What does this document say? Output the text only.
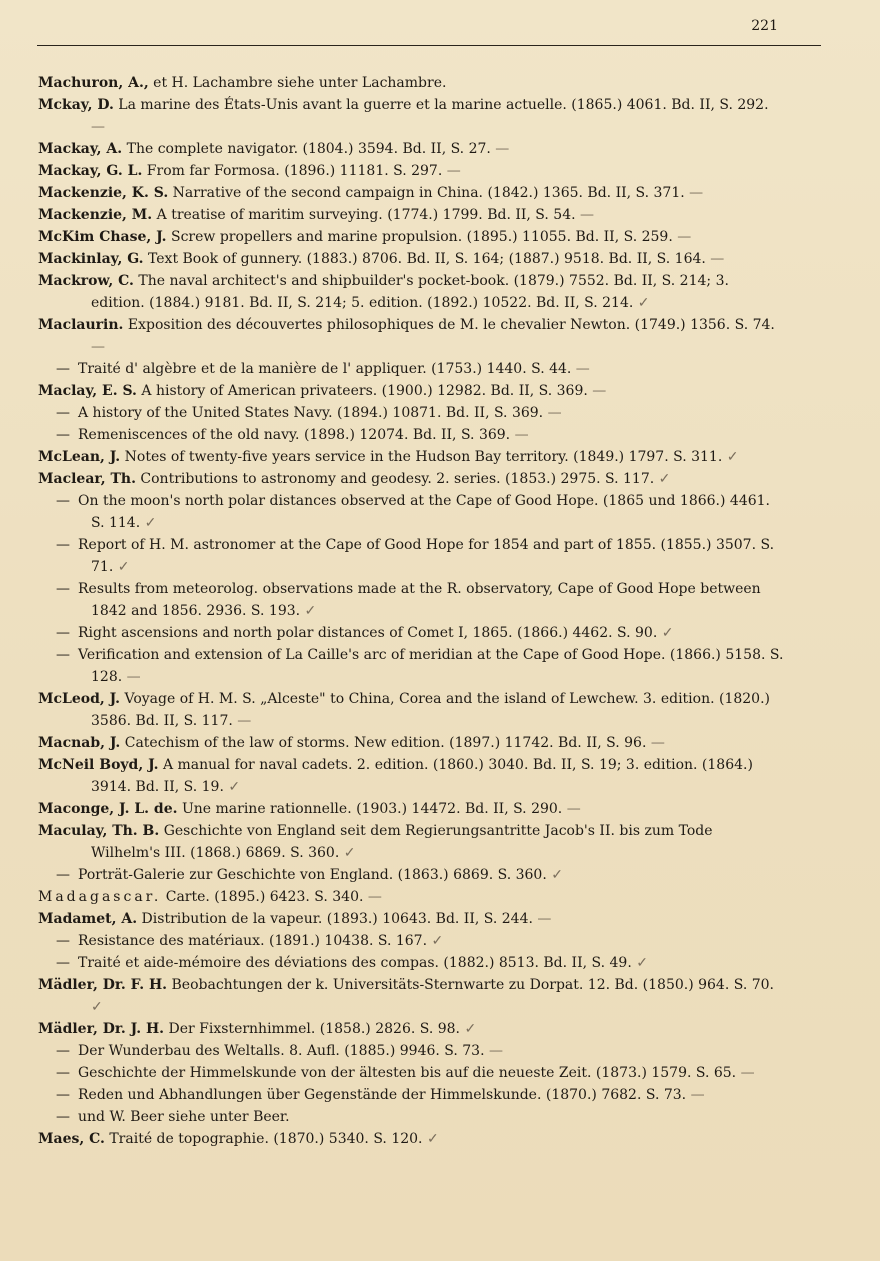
221

Machuron, A., et H. Lachambre siehe unter Lachambre.

Mckay, D. La marine des États-Unis avant la guerre et la marine actuelle. (1865.) 4061. Bd. II, S. 292. —

Mackay, A. The complete navigator. (1804.) 3594. Bd. II, S. 27. —

Mackay, G. L. From far Formosa. (1896.) 11181. S. 297. —

Mackenzie, K. S. Narrative of the second campaign in China. (1842.) 1365. Bd. II, S. 371. —

Mackenzie, M. A treatise of maritim surveying. (1774.) 1799. Bd. II, S. 54. —

McKim Chase, J. Screw propellers and marine propulsion. (1895.) 11055. Bd. II, S. 259. —

Mackinlay, G. Text Book of gunnery. (1883.) 8706. Bd. II, S. 164; (1887.) 9518. Bd. II, S. 164. —

Mackrow, C. The naval architect's and shipbuilder's pocket-book. (1879.) 7552. Bd. II, S. 214; 3. edition. (1884.) 9181. Bd. II, S. 214; 5. edition. (1892.) 10522. Bd. II, S. 214. ✓

Maclaurin. Exposition des découvertes philosophiques de M. le chevalier Newton. (1749.) 1356. S. 74. —

— Traité d' algèbre et de la manière de l' appliquer. (1753.) 1440. S. 44. —

Maclay, E. S. A history of American privateers. (1900.) 12982. Bd. II, S. 369. —

— A history of the United States Navy. (1894.) 10871. Bd. II, S. 369. —

— Remeniscences of the old navy. (1898.) 12074. Bd. II, S. 369. —

McLean, J. Notes of twenty-five years service in the Hudson Bay territory. (1849.) 1797. S. 311. ✓

Maclear, Th. Contributions to astronomy and geodesy. 2. series. (1853.) 2975. S. 117. ✓

— On the moon's north polar distances observed at the Cape of Good Hope. (1865 und 1866.) 4461. S. 114. ✓

— Report of H. M. astronomer at the Cape of Good Hope for 1854 and part of 1855. (1855.) 3507. S. 71. ✓

— Results from meteorolog. observations made at the R. observatory, Cape of Good Hope between 1842 and 1856. 2936. S. 193. ✓

— Right ascensions and north polar distances of Comet I, 1865. (1866.) 4462. S. 90. ✓

— Verification and extension of La Caille's arc of meridian at the Cape of Good Hope. (1866.) 5158. S. 128. —

McLeod, J. Voyage of H. M. S. „Alceste" to China, Corea and the island of Lewchew. 3. edition. (1820.) 3586. Bd. II, S. 117. —

Macnab, J. Catechism of the law of storms. New edition. (1897.) 11742. Bd. II, S. 96. —

McNeil Boyd, J. A manual for naval cadets. 2. edition. (1860.) 3040. Bd. II, S. 19; 3. edition. (1864.) 3914. Bd. II, S. 19. ✓

Maconge, J. L. de. Une marine rationnelle. (1903.) 14472. Bd. II, S. 290. —

Maculay, Th. B. Geschichte von England seit dem Regierungsantritte Jacob's II. bis zum Tode Wilhelm's III. (1868.) 6869. S. 360. ✓

— Porträt-Galerie zur Geschichte von England. (1863.) 6869. S. 360. ✓

Madagascar. Carte. (1895.) 6423. S. 340. —

Madamet, A. Distribution de la vapeur. (1893.) 10643. Bd. II, S. 244. —

— Resistance des matériaux. (1891.) 10438. S. 167. ✓

— Traité et aide-mémoire des déviations des compas. (1882.) 8513. Bd. II, S. 49. ✓

Mädler, Dr. F. H. Beobachtungen der k. Universitäts-Sternwarte zu Dorpat. 12. Bd. (1850.) 964. S. 70. ✓

Mädler, Dr. J. H. Der Fixsternhimmel. (1858.) 2826. S. 98. ✓

— Der Wunderbau des Weltalls. 8. Aufl. (1885.) 9946. S. 73. —

— Geschichte der Himmelskunde von der ältesten bis auf die neueste Zeit. (1873.) 1579. S. 65. —

— Reden und Abhandlungen über Gegenstände der Himmelskunde. (1870.) 7682. S. 73. —

— und W. Beer siehe unter Beer.

Maes, C. Traité de topographie. (1870.) 5340. S. 120. ✓
